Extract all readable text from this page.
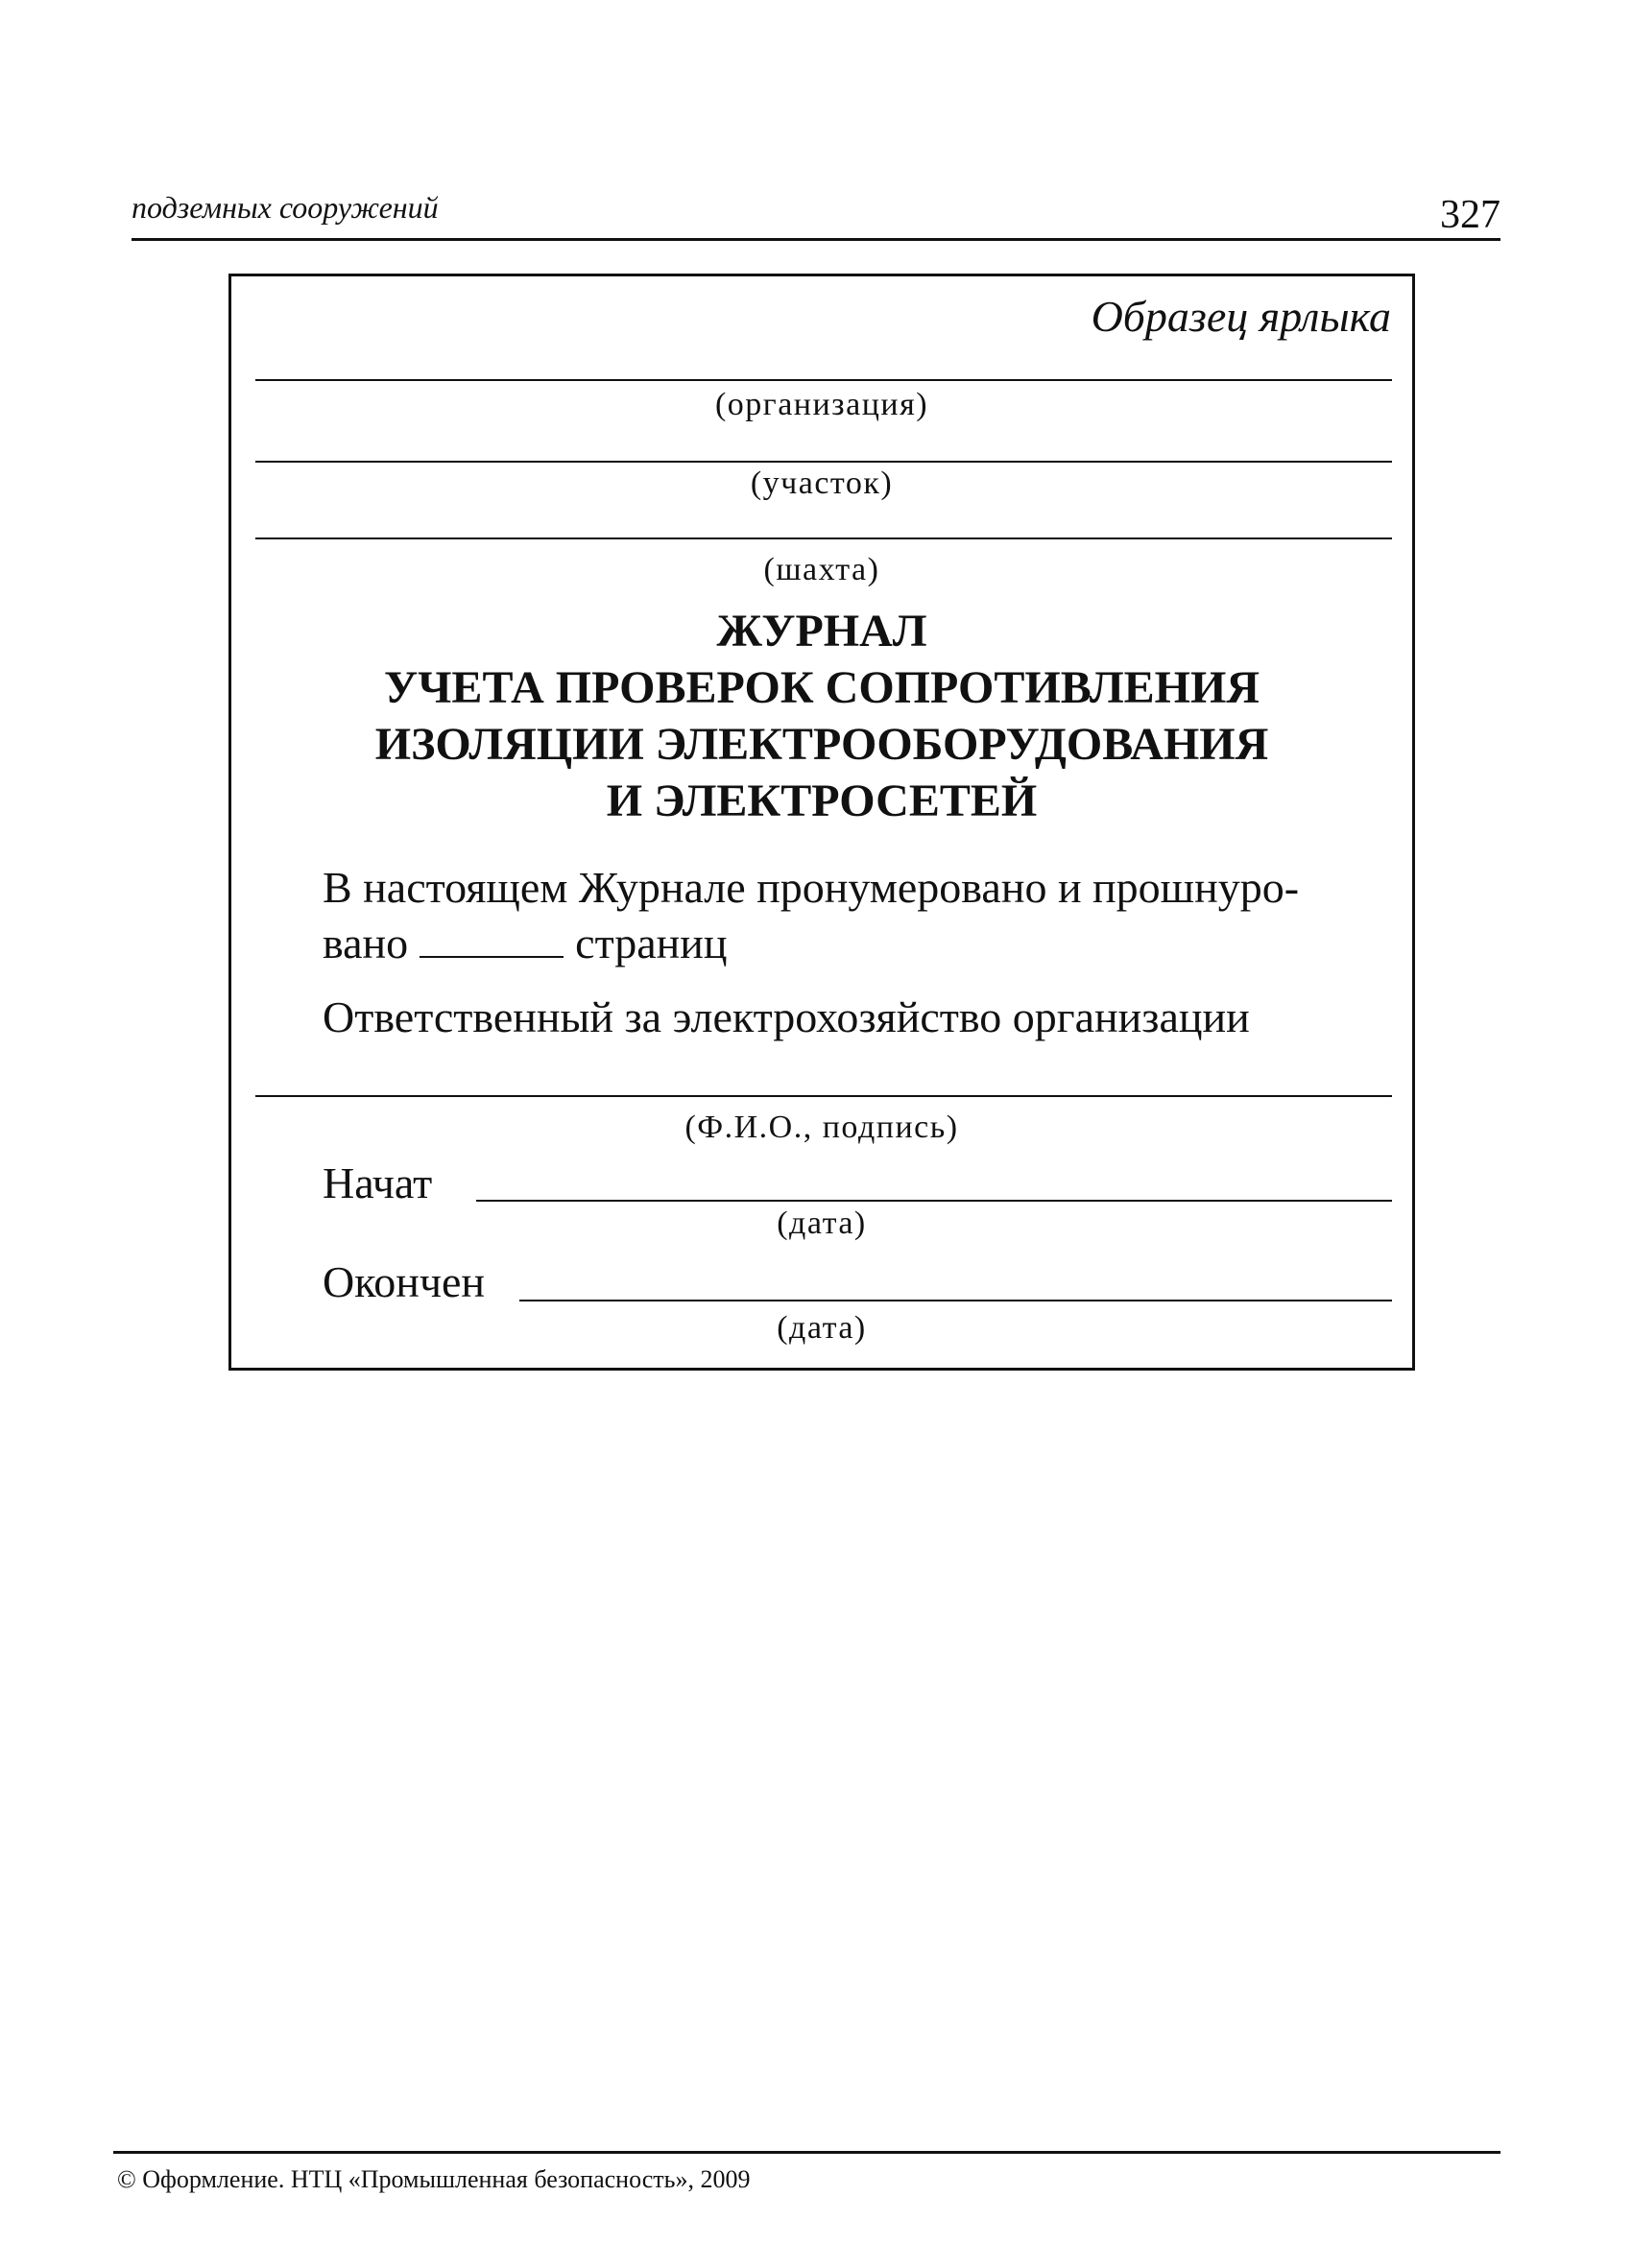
подземных сооружений	327
Образец ярлыка
(организация)
(участок)
(шахта)
ЖУРНАЛ
УЧЕТА ПРОВЕРОК СОПРОТИВЛЕНИЯ
ИЗОЛЯЦИИ ЭЛЕКТРООБОРУДОВАНИЯ
И ЭЛЕКТРОСЕТЕЙ
В настоящем Журнале пронумеровано и прошнуро-
вано	страниц
Ответственный за электрохозяйство организации
(Ф.И.О., подпись)
Начат
(дата)
Окончен
(дата)
© Оформление. НТЦ «Промышленная безопасность», 2009
